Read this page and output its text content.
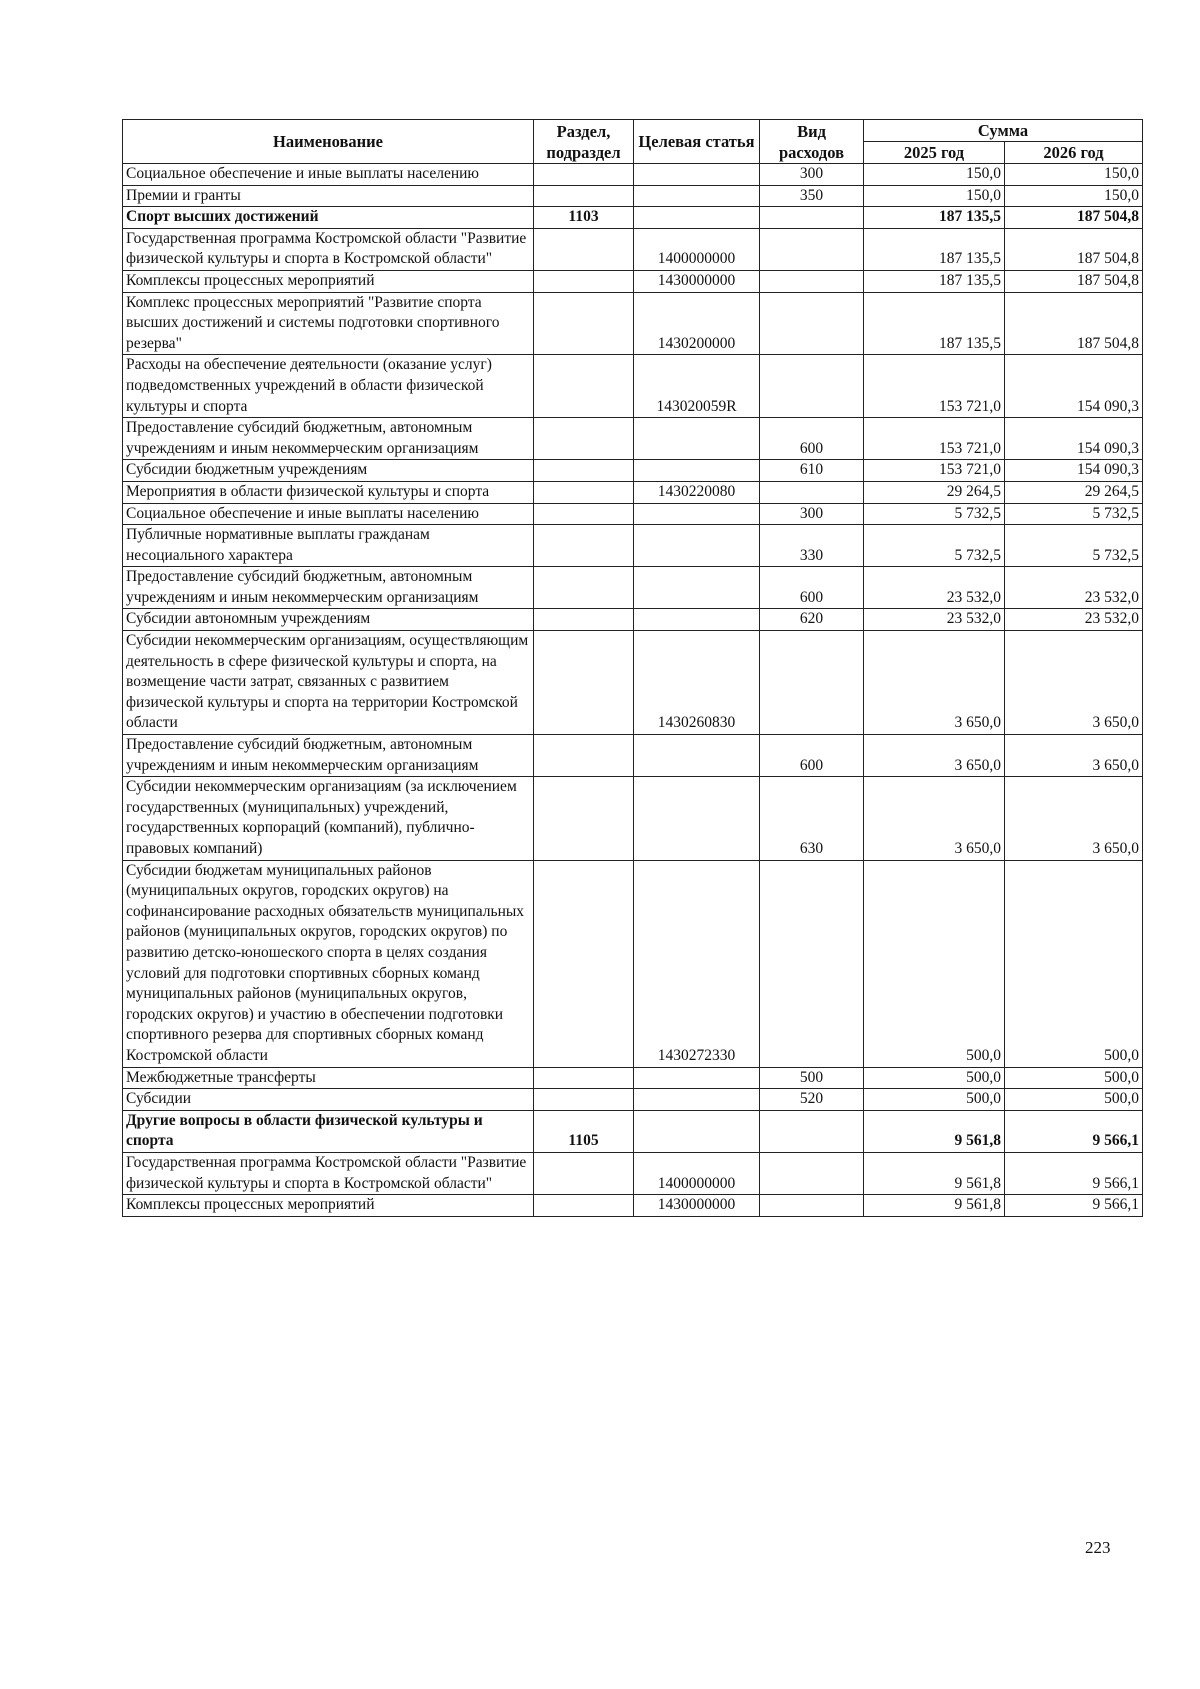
Наименование	Раздел, подраздел	Целевая статья	Вид расходов	Сумма	
				2025 год	2026 год
Социальное обеспечение и иные выплаты населению			300	150,0	150,0
Премии и гранты			350	150,0	150,0
Спорт высших достижений	1103			187 135,5	187 504,8
Государственная программа Костромской области "Развитие физической культуры и спорта в Костромской области"		1400000000		187 135,5	187 504,8
Комплексы процессных мероприятий		1430000000		187 135,5	187 504,8
Комплекс процессных мероприятий "Развитие спорта высших достижений и системы подготовки спортивного резерва"		1430200000		187 135,5	187 504,8
Расходы на обеспечение деятельности (оказание услуг) подведомственных учреждений в области физической культуры и спорта		143020059R		153 721,0	154 090,3
Предоставление субсидий бюджетным, автономным учреждениям и иным некоммерческим организациям			600	153 721,0	154 090,3
Субсидии бюджетным учреждениям			610	153 721,0	154 090,3
Мероприятия в области физической культуры и спорта		1430220080		29 264,5	29 264,5
Социальное обеспечение и иные выплаты населению			300	5 732,5	5 732,5
Публичные нормативные выплаты гражданам несоциального характера			330	5 732,5	5 732,5
Предоставление субсидий бюджетным, автономным учреждениям и иным некоммерческим организациям			600	23 532,0	23 532,0
Субсидии автономным учреждениям			620	23 532,0	23 532,0
Субсидии некоммерческим организациям, осуществляющим деятельность в сфере физической культуры и спорта, на возмещение части затрат, связанных с развитием физической культуры и спорта на территории Костромской области		1430260830		3 650,0	3 650,0
Предоставление субсидий бюджетным, автономным учреждениям и иным некоммерческим организациям			600	3 650,0	3 650,0
Субсидии некоммерческим организациям (за исключением государственных (муниципальных) учреждений, государственных корпораций (компаний), публично-правовых компаний)			630	3 650,0	3 650,0
Субсидии бюджетам муниципальных районов (муниципальных округов, городских округов) на софинансирование расходных обязательств муниципальных районов (муниципальных округов, городских округов) по развитию детско-юношеского спорта в целях создания условий для подготовки спортивных сборных команд муниципальных районов (муниципальных округов, городских округов) и участию в обеспечении подготовки спортивного резерва для спортивных сборных команд Костромской области		1430272330		500,0	500,0
Межбюджетные трансферты			500	500,0	500,0
Субсидии			520	500,0	500,0
Другие вопросы в области физической культуры и спорта	1105			9 561,8	9 566,1
Государственная программа Костромской области "Развитие физической культуры и спорта в Костромской области"		1400000000		9 561,8	9 566,1
Комплексы процессных мероприятий		1430000000		9 561,8	9 566,1
223
